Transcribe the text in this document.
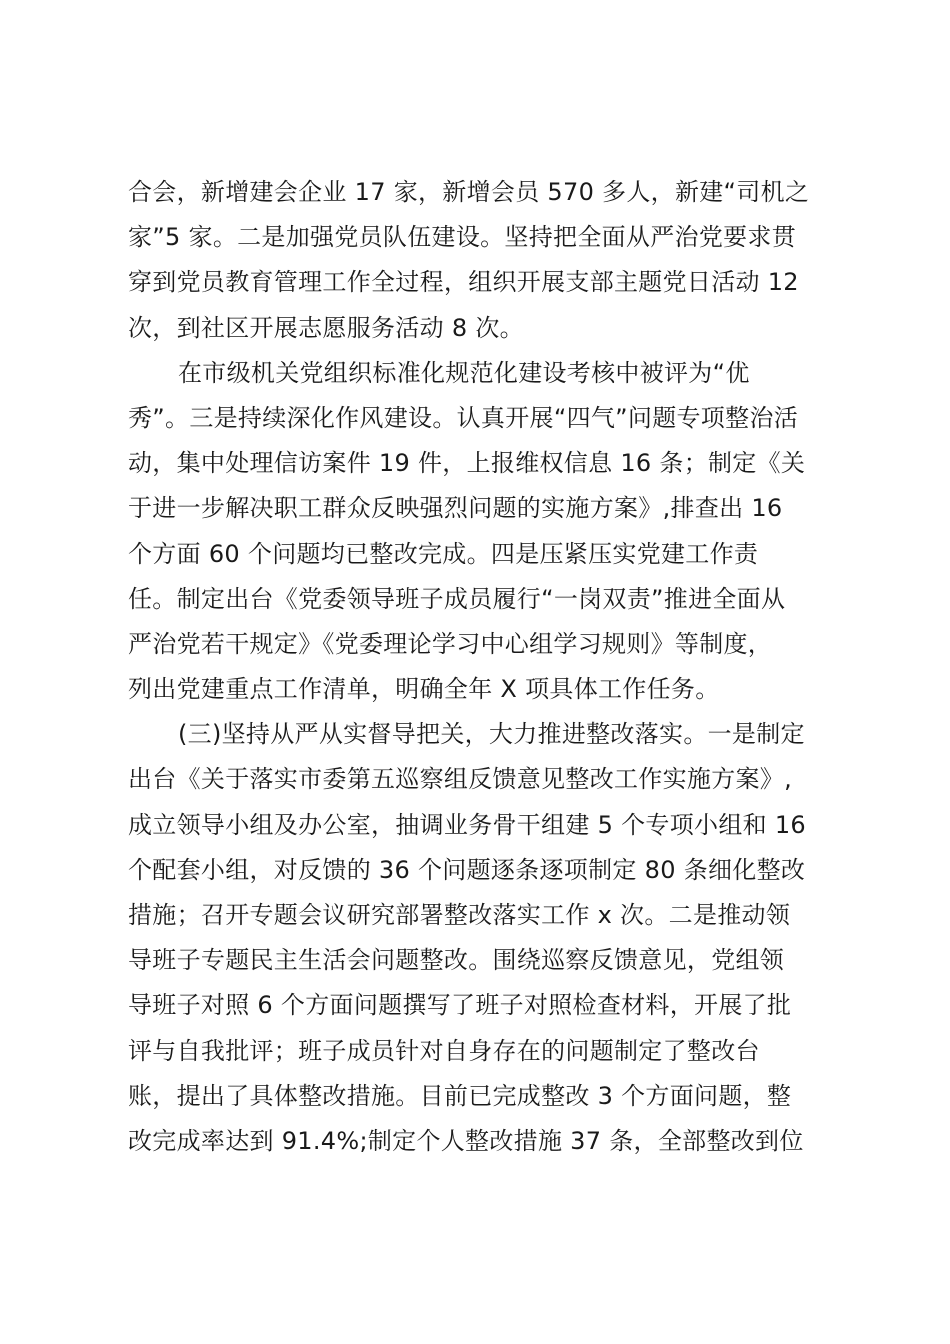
合会，新增建会企业 17 家，新增会员 570 多人，新建“司机之
家”5 家。二是加强党员队伍建设。坚持把全面从严治党要求贯
穿到党员教育管理工作全过程，组织开展支部主题党日活动 12
次，到社区开展志愿服务活动 8 次。
在市级机关党组织标准化规范化建设考核中被评为“优
秀”。三是持续深化作风建设。认真开展“四气”问题专项整治活
动，集中处理信访案件 19 件，上报维权信息 16 条；制定《关
于进一步解决职工群众反映强烈问题的实施方案》,排查出 16
个方面 60 个问题均已整改完成。四是压紧压实党建工作责
任。制定出台《党委领导班子成员履行“一岗双责”推进全面从
严治党若干规定》《党委理论学习中心组学习规则》等制度，
列出党建重点工作清单，明确全年 X 项具体工作任务。
(三)坚持从严从实督导把关，大力推进整改落实。一是制定
出台《关于落实市委第五巡察组反馈意见整改工作实施方案》,
成立领导小组及办公室，抽调业务骨干组建 5 个专项小组和 16
个配套小组，对反馈的 36 个问题逐条逐项制定 80 条细化整改
措施；召开专题会议研究部署整改落实工作 x 次。二是推动领
导班子专题民主生活会问题整改。围绕巡察反馈意见，党组领
导班子对照 6 个方面问题撰写了班子对照检查材料，开展了批
评与自我批评；班子成员针对自身存在的问题制定了整改台
账，提出了具体整改措施。目前已完成整改 3 个方面问题，整
改完成率达到 91.4%;制定个人整改措施 37 条，全部整改到位
